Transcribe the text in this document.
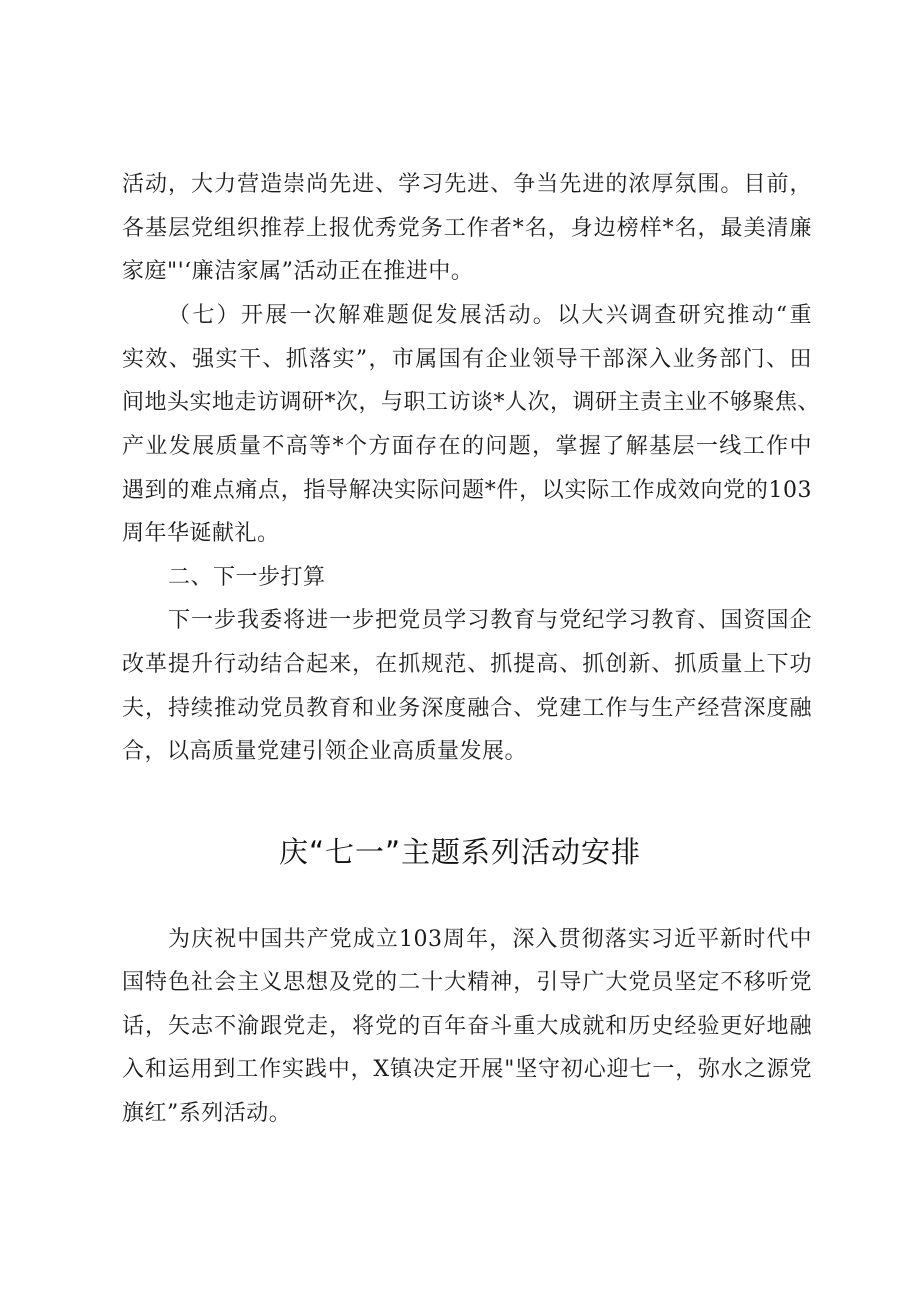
活动，大力营造崇尚先进、学习先进、争当先进的浓厚氛围。目前，
各基层党组织推荐上报优秀党务工作者*名，身边榜样*名，最美清廉
家庭"'‘廉洁家属”活动正在推进中。
（七）开展一次解难题促发展活动。以大兴调查研究推动“重
实效、强实干、抓落实”，市属国有企业领导干部深入业务部门、田
间地头实地走访调研*次，与职工访谈*人次，调研主责主业不够聚焦、
产业发展质量不高等*个方面存在的问题，掌握了解基层一线工作中
遇到的难点痛点，指导解决实际问题*件，以实际工作成效向党的103
周年华诞献礼。
二、下一步打算
下一步我委将进一步把党员学习教育与党纪学习教育、国资国企
改革提升行动结合起来，在抓规范、抓提高、抓创新、抓质量上下功
夫，持续推动党员教育和业务深度融合、党建工作与生产经营深度融
合，以高质量党建引领企业高质量发展。
庆“七一”主题系列活动安排
为庆祝中国共产党成立103周年，深入贯彻落实习近平新时代中
国特色社会主义思想及党的二十大精神，引导广大党员坚定不移听党
话，矢志不渝跟党走，将党的百年奋斗重大成就和历史经验更好地融
入和运用到工作实践中，X镇决定开展"坚守初心迎七一，弥水之源党
旗红”系列活动。
